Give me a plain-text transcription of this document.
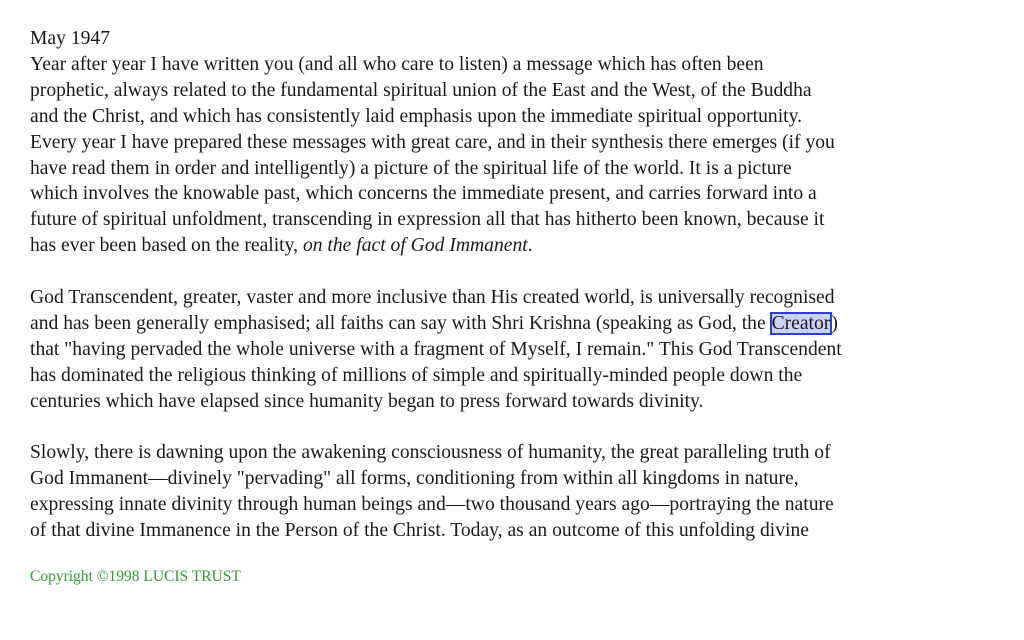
May 1947
Year after year I have written you (and all who care to listen) a message which has often been
prophetic, always related to the fundamental spiritual union of the East and the West, of the Buddha
and the Christ, and which has consistently laid emphasis upon the immediate spiritual opportunity.
Every year I have prepared these messages with great care, and in their synthesis there emerges (if you
have read them in order and intelligently) a picture of the spiritual life of the world. It is a picture
which involves the knowable past, which concerns the immediate present, and carries forward into a
future of spiritual unfoldment, transcending in expression all that has hitherto been known, because it
has ever been based on the reality, on the fact of God Immanent.
God Transcendent, greater, vaster and more inclusive than His created world, is universally recognised
and has been generally emphasised; all faiths can say with Shri Krishna (speaking as God, the Creator)
that "having pervaded the whole universe with a fragment of Myself, I remain." This God Transcendent
has dominated the religious thinking of millions of simple and spiritually-minded people down the
centuries which have elapsed since humanity began to press forward towards divinity.
Slowly, there is dawning upon the awakening consciousness of humanity, the great paralleling truth of
God Immanent—divinely "pervading" all forms, conditioning from within all kingdoms in nature,
expressing innate divinity through human beings and—two thousand years ago—portraying the nature
of that divine Immanence in the Person of the Christ. Today, as an outcome of this unfolding divine
Copyright ©1998 LUCIS TRUST
